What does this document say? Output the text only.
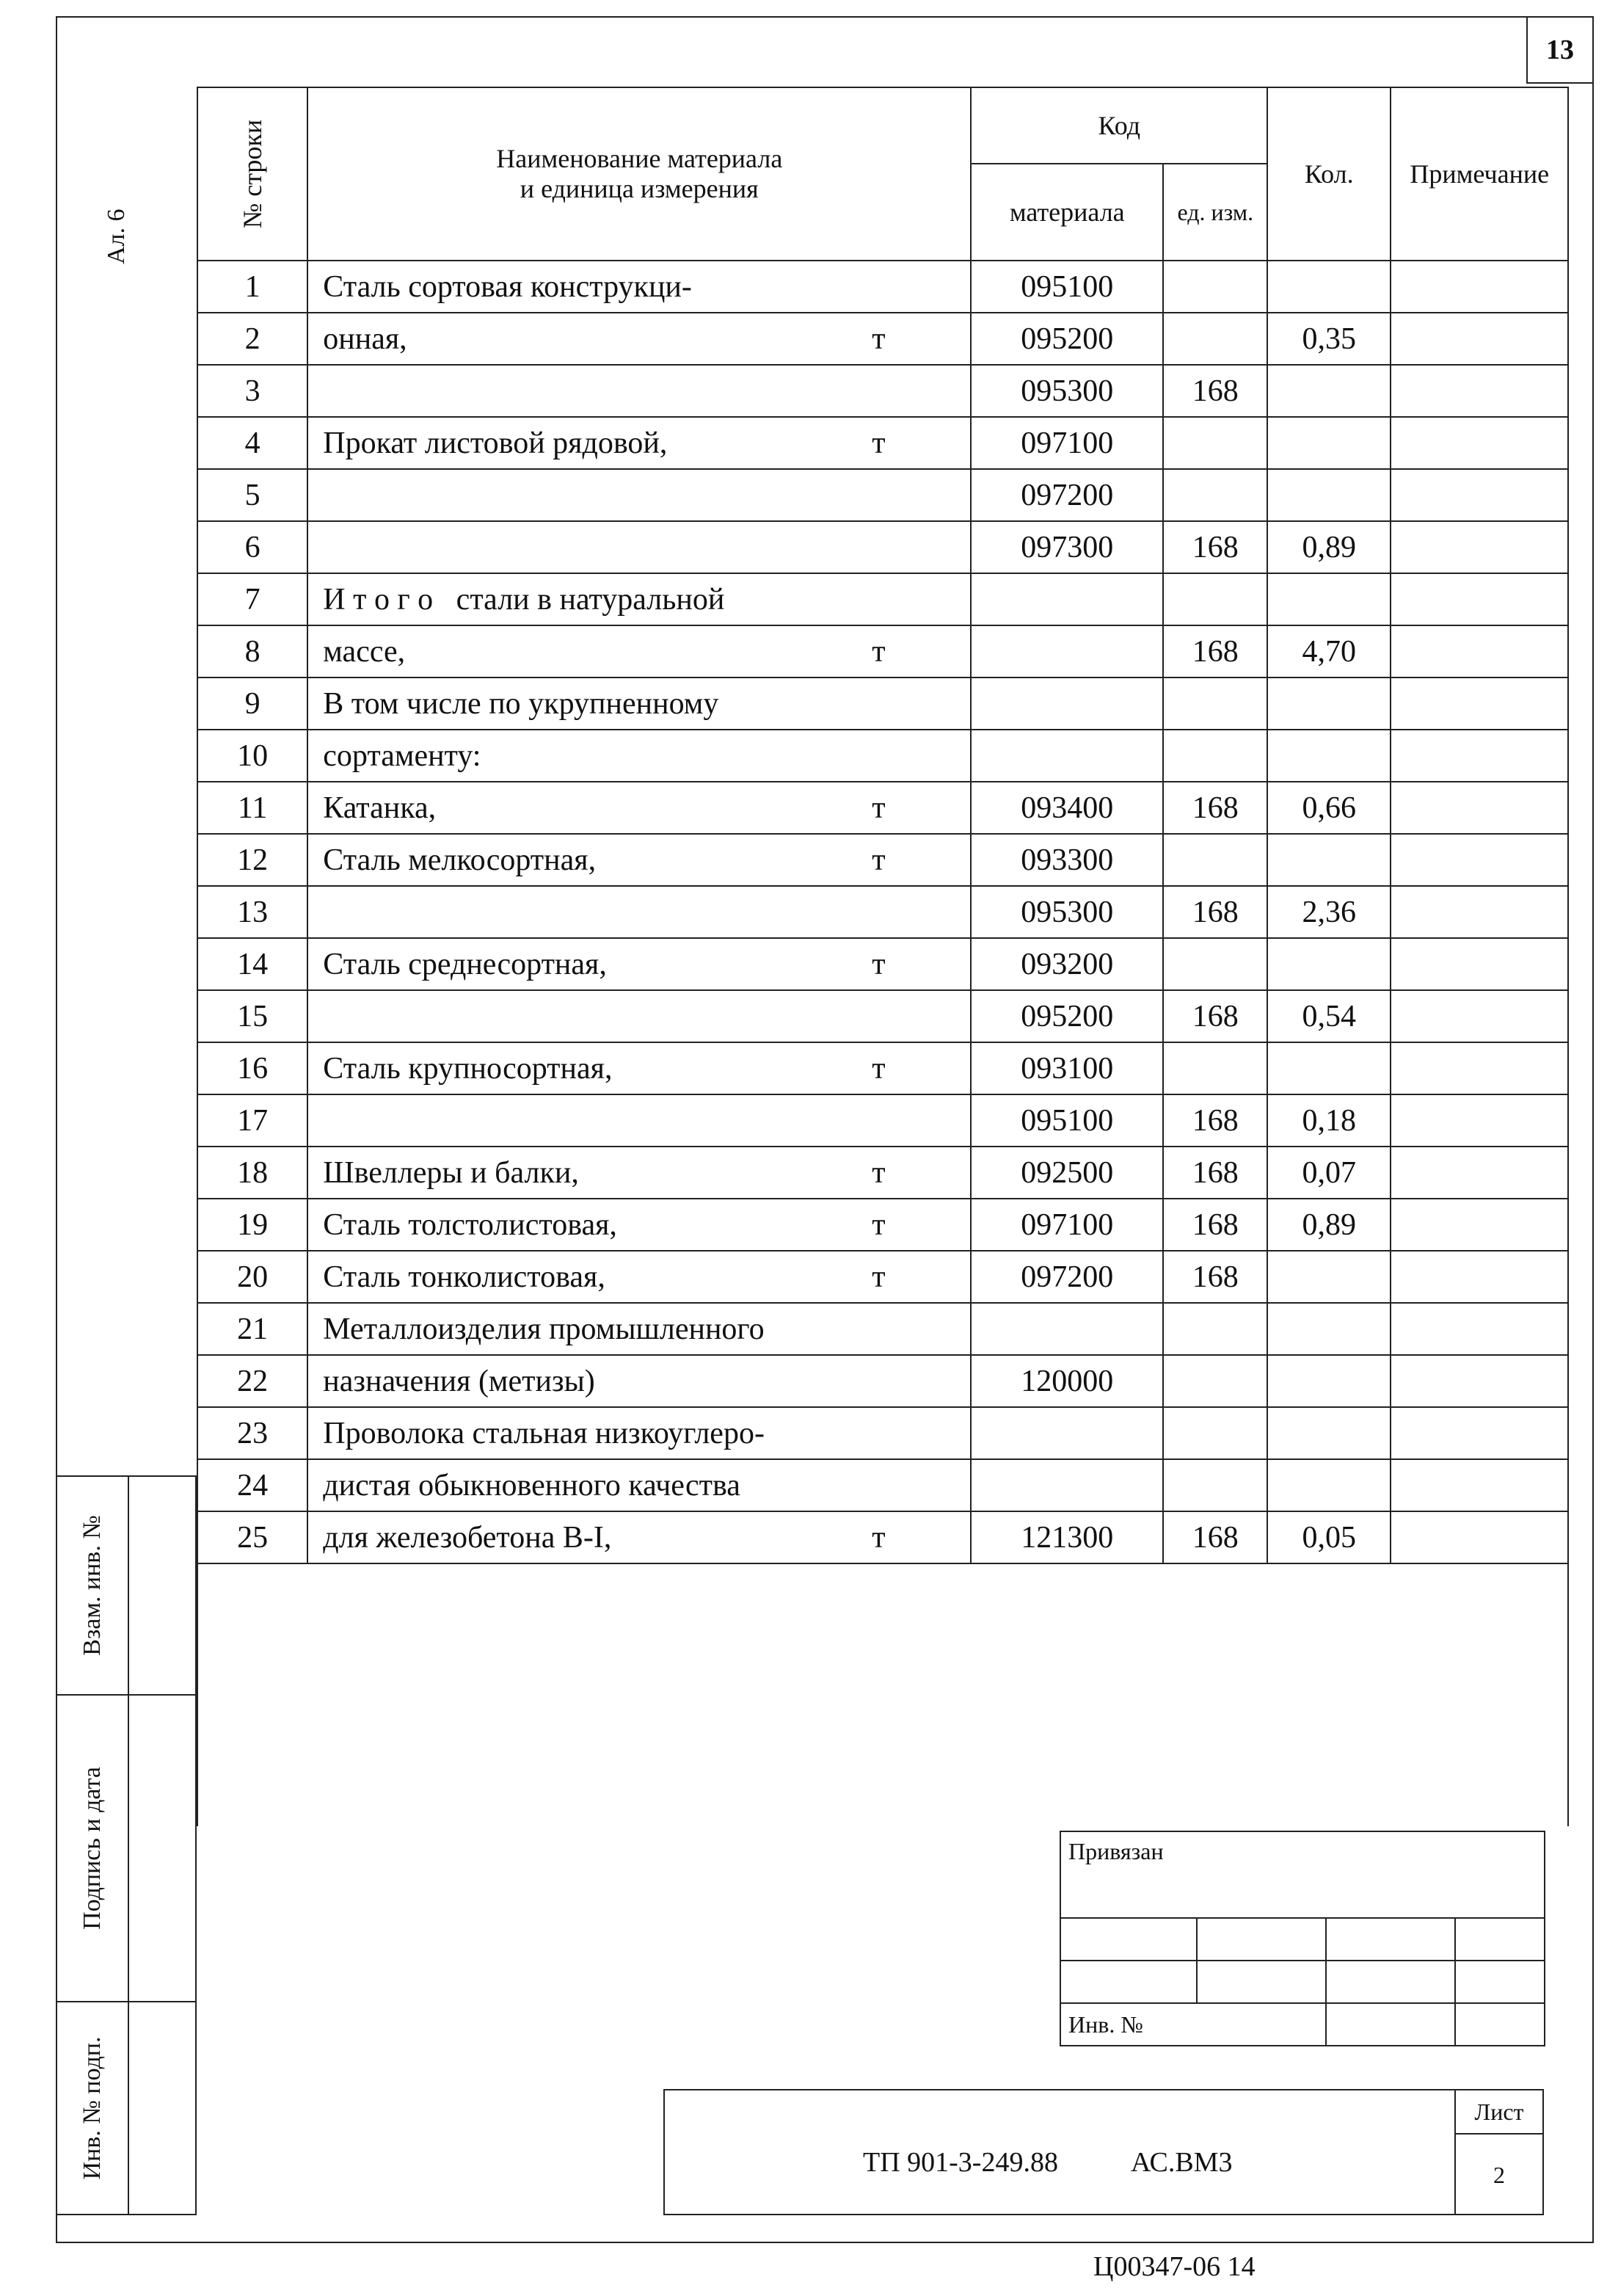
13
Ал. 6
№ строки	Наименование материала
и единица измерения	Код		Кол.	Примечание
		материала	ед. изм.		
1	Сталь сортовая конструкци-	095100			
2	онная, т	095200		0,35	
3		095300	168		
4	Прокат листовой рядовой, т	097100			
5		097200			
6		097300	168	0,89	
7	И т о г о   стали в натуральной				

8	массе, т		168	4,70	
9	В том числе по укрупненному				

10	сортаменту:				

11	Катанка, т	093400	168	0,66	
12	Сталь мелкосортная, т	093300			
13		095300	168	2,36	
14	Сталь среднесортная, т	093200			
15		095200	168	0,54	
16	Сталь крупносортная, т	093100			
17		095100	168	0,18	
18	Швеллеры и балки, т	092500	168	0,07	
19	Сталь толстолистовая, т	097100	168	0,89	
20	Сталь тонколистовая, т	097200	168		
21	Металлоизделия промышленного				

22	назначения (метизы)	120000			
23	Проволока стальная низкоуглеро-				

24	дистая обыкновенного качества				

25	для железобетона B-I, т	121300	168	0,05	

Взам. инв. №
Подпись и дата
Инв. № подп.
Привязан			

Инв. №			
ТП 901-3-249.88	АС.ВМ3
Лист
2
Ц00347-06 14
